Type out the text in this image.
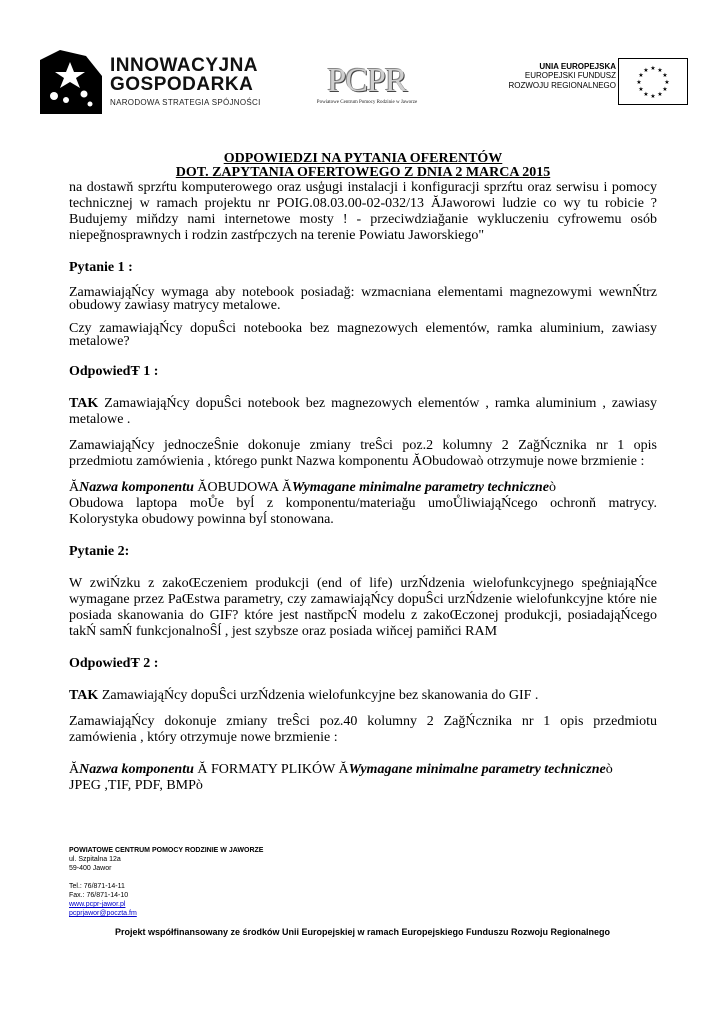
INNOWACYJNA
GOSPODARKA
NARODOWA STRATEGIA SPÓJNOŚCI
PCPR
Powiatowe Centrum Pomocy Rodzinie w Jaworze
UNIA EUROPEJSKA
EUROPEJSKI FUNDUSZ
ROZWOJU REGIONALNEGO
★ ★
★
★
★
★
★
★
★
★
★
★
ODPOWIEDZI NA PYTANIA OFERENTÓW
DOT. ZAPYTANIA OFERTOWEGO Z DNIA 2 MARCA 2015

na dostawň sprzŕtu komputerowego oraz usģugi instalacji i konfiguracji sprzŕtu oraz serwisu i pomocy technicznej w ramach projektu nr POIG.08.03.00-02-032/13 ĂJaworowi ludzie co wy tu robicie ? Budujemy miňdzy nami internetowe mosty ! - przeciwdziağanie wykluczeniu cyfrowemu osób niepeğnosprawnych i rodzin zastŕpczych na terenie Powiatu Jaworskiego"

Pytanie 1 :

ZamawiająŃcy wymaga aby notebook posiadağ: wzmacniana elementami magnezowymi wewnŃtrz obudowy zawiasy matrycy metalowe.

Czy zamawiająŃcy dopuŜci notebooka bez magnezowych elementów, ramka aluminium, zawiasy metalowe?

OdpowiedŦ 1 :

TAK ZamawiająŃcy dopuŜci notebook bez magnezowych elementów , ramka aluminium , zawiasy metalowe .

ZamawiająŃcy jednoczeŜnie dokonuje zmiany treŜci poz.2 kolumny 2 ZağŃcznika nr 1 opis przedmiotu zamówienia , którego punkt Nazwa komponentu ĂObudowaò otrzymuje nowe brzmienie :

ĂNazwa komponentu ĂOBUDOWA ĂWymagane minimalne parametry techniczneò
Obudowa laptopa moŮe byĺ z komponentu/materiağu umoŮliwiająŃcego ochronň matrycy. Kolorystyka obudowy powinna byĺ stonowana.

Pytanie 2:

W zwiŃzku z zakoŒczeniem produkcji (end of life) urzŃdzenia wielofunkcyjnego speģniająŃce wymagane przez PaŒstwa parametry, czy zamawiająŃcy dopuŜci urzŃdzenie wielofunkcyjne które nie posiada skanowania do GIF? które jest nastňpcŃ modelu z zakoŒczonej produkcji, posiadająŃcego takŃ samŃ funkcjonalnoŜĺ , jest szybsze oraz posiada wiňcej pamiňci RAM

OdpowiedŦ 2 :

TAK ZamawiająŃcy dopuŜci urzŃdzenia wielofunkcyjne bez skanowania do GIF .

ZamawiająŃcy dokonuje zmiany treŜci poz.40 kolumny 2 ZağŃcznika nr 1 opis przedmiotu zamówienia , który otrzymuje nowe brzmienie :

ĂNazwa komponentu Ă FORMATY PLIKÓW ĂWymagane minimalne parametry techniczneò
JPEG ,TIF, PDF, BMPò

POWIATOWE CENTRUM POMOCY RODZINIE W JAWORZE
ul. Szpitalna 12a
59-400 Jawor
Tel.: 76/871-14-11
Fax.: 76/871-14-10
www.pcpr-jawor.pl
pcprjawor@poczta.fm
Projekt współfinansowany ze środków Unii Europejskiej w ramach Europejskiego Funduszu Rozwoju Regionalnego
